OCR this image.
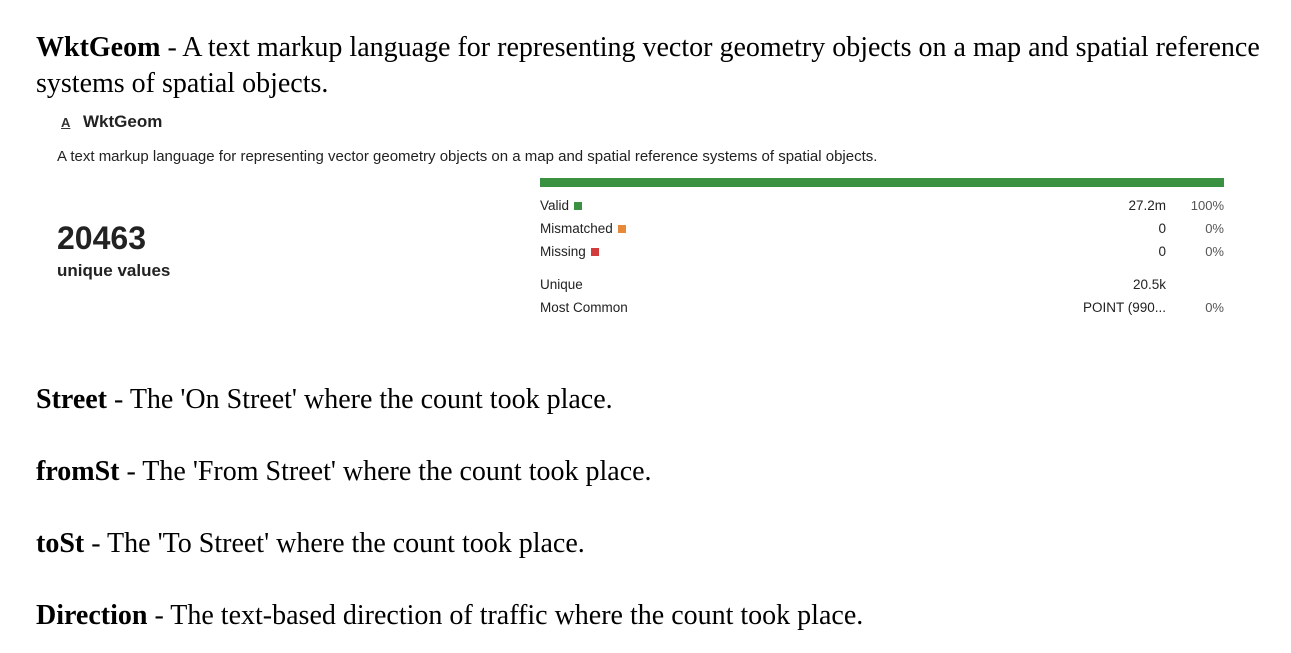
WktGeom - A text markup language for representing vector geometry objects on a map and spatial reference systems of spatial objects.

A WktGeom
A text markup language for representing vector geometry objects on a map and spatial reference systems of spatial objects.
20463
unique values
Valid	27.2m 100%
Mismatched	0	0%
Missing	0	0%
Unique	20.5k
Most Common	POINT (990...	0%

Street - The 'On Street' where the count took place.

fromSt - The 'From Street' where the count took place.

toSt - The 'To Street' where the count took place.

Direction - The text-based direction of traffic where the count took place.
